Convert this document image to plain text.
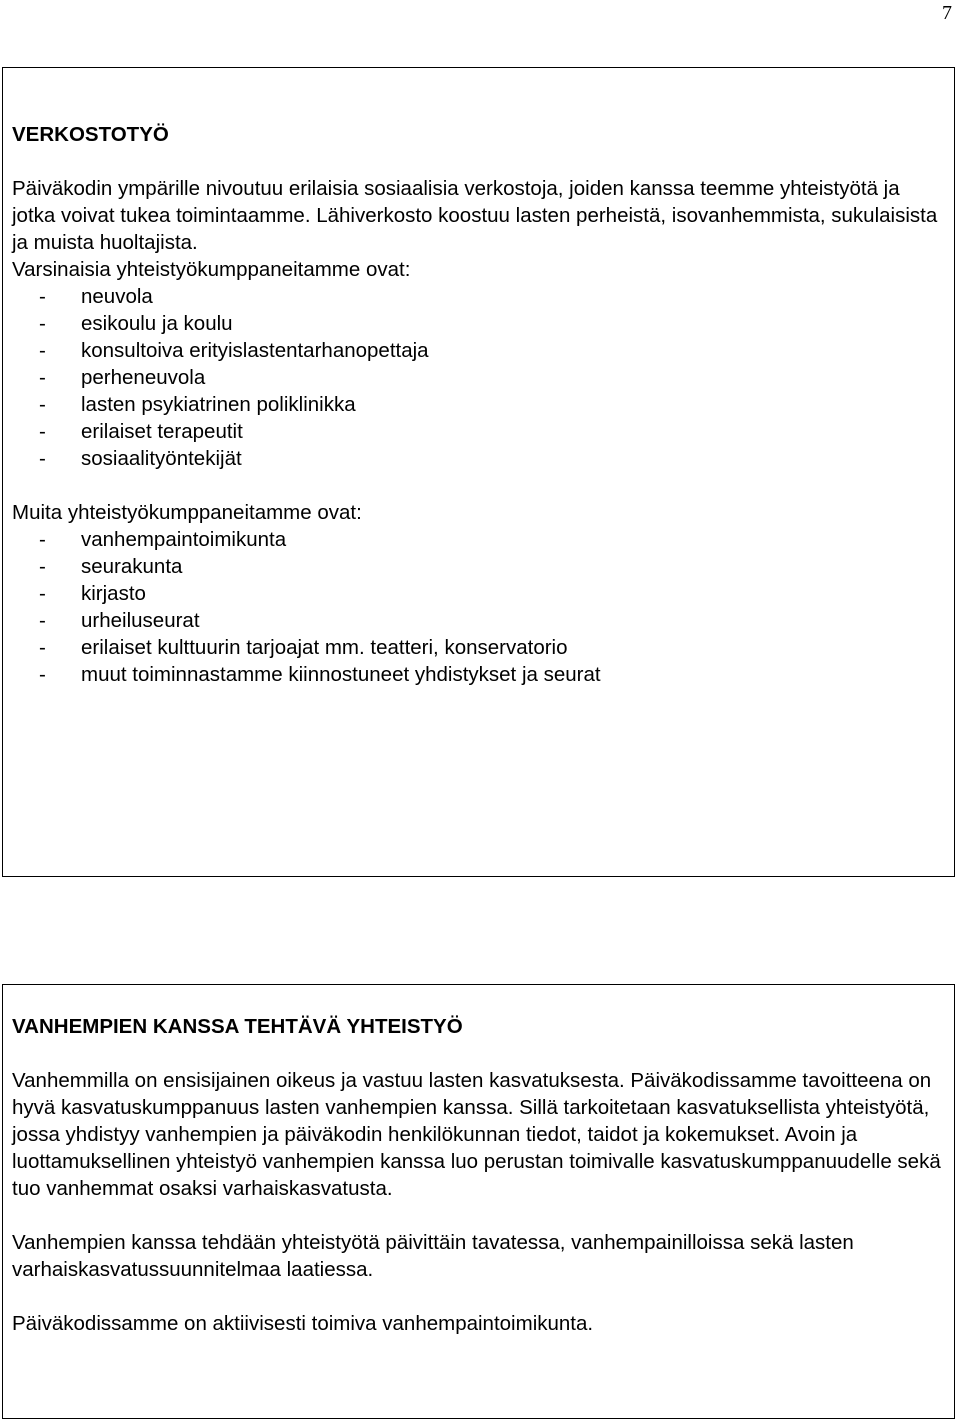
7
VERKOSTOTYÖ

Päiväkodin ympärille nivoutuu erilaisia sosiaalisia verkostoja, joiden kanssa teemme yhteistyötä ja jotka voivat tukea toimintaamme. Lähiverkosto koostuu lasten perheistä, isovanhemmista, sukulaisista ja muista huoltajista.

Varsinaisia yhteistyökumppaneitamme ovat:

-	neuvola
-	esikoulu ja koulu
-	konsultoiva erityislastentarhanopettaja
-	perheneuvola
-	lasten psykiatrinen poliklinikka
-	erilaiset terapeutit
-	sosiaalityöntekijät

Muita yhteistyökumppaneitamme ovat:

-	vanhempaintoimikunta
-	seurakunta
-	kirjasto
-	urheiluseurat
-	erilaiset kulttuurin tarjoajat mm. teatteri, konservatorio
-	muut toiminnastamme kiinnostuneet yhdistykset ja seurat
VANHEMPIEN KANSSA TEHTÄVÄ YHTEISTYÖ

Vanhemmilla on ensisijainen oikeus ja vastuu lasten kasvatuksesta. Päiväkodissamme tavoitteena on hyvä kasvatuskumppanuus lasten vanhempien kanssa. Sillä tarkoitetaan kasvatuksellista yhteistyötä, jossa yhdistyy vanhempien ja päiväkodin henkilökunnan tiedot, taidot ja kokemukset. Avoin ja luottamuksellinen yhteistyö vanhempien kanssa luo perustan toimivalle kasvatuskumppanuudelle sekä tuo vanhemmat osaksi varhaiskasvatusta.

Vanhempien kanssa tehdään yhteistyötä päivittäin tavatessa, vanhempainilloissa sekä lasten varhaiskasvatussuunnitelmaa laatiessa.

Päiväkodissamme on aktiivisesti toimiva vanhempaintoimikunta.
